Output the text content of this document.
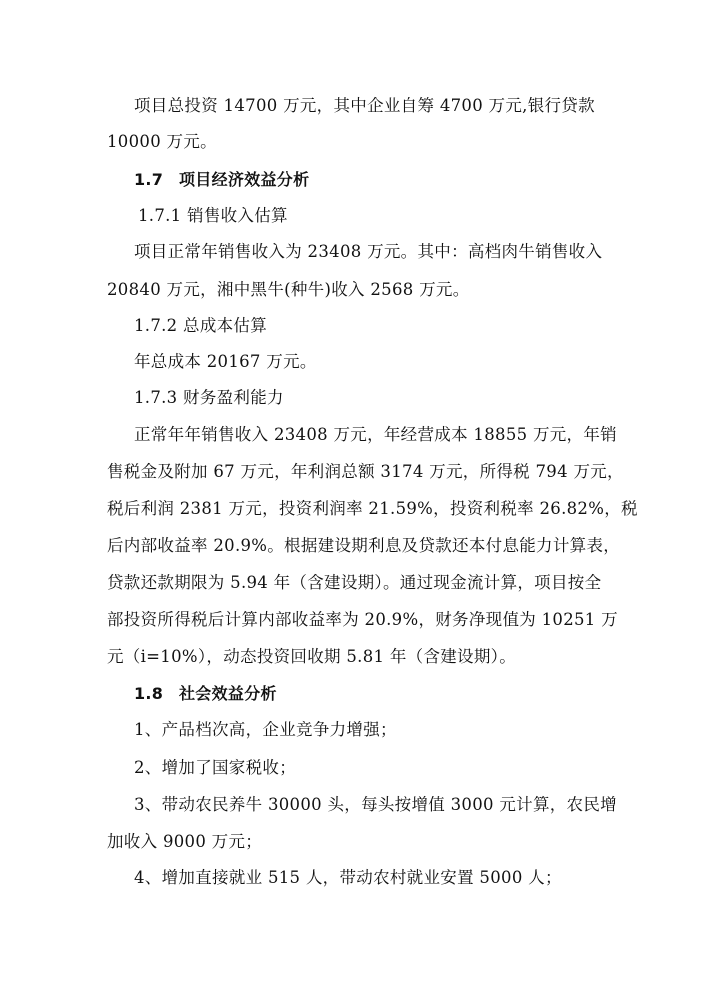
项目总投资 14700 万元，其中企业自筹 4700 万元,银行贷款
10000 万元。
1.7 项目经济效益分析
1.7.1 销售收入估算
项目正常年销售收入为 23408 万元。其中：高档肉牛销售收入
20840 万元，湘中黑牛(种牛)收入 2568 万元。
1.7.2 总成本估算
年总成本 20167 万元。
1.7.3 财务盈利能力
正常年年销售收入 23408 万元，年经营成本 18855 万元，年销
售税金及附加 67 万元，年利润总额 3174 万元，所得税 794 万元，
税后利润 2381 万元，投资利润率 21.59%，投资利税率 26.82%，税
后内部收益率 20.9%。根据建设期利息及贷款还本付息能力计算表，
贷款还款期限为 5.94 年（含建设期）。通过现金流计算，项目按全
部投资所得税后计算内部收益率为 20.9%，财务净现值为 10251 万
元（i=10%），动态投资回收期 5.81 年（含建设期）。
1.8 社会效益分析
1、产品档次高，企业竞争力增强；
2、增加了国家税收；
3、带动农民养牛 30000 头，每头按增值 3000 元计算，农民增
加收入 9000 万元；
4、增加直接就业 515 人，带动农村就业安置 5000 人；
